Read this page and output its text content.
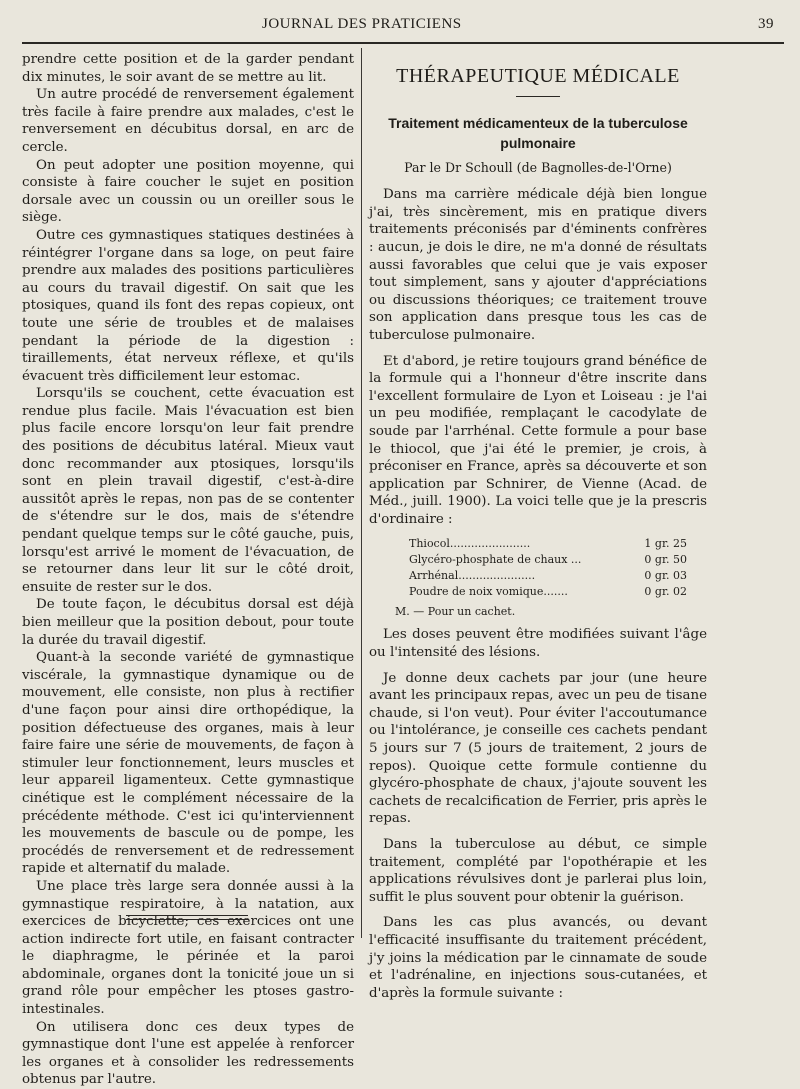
JOURNAL DES PRATICIENS	39

prendre cette position et de la garder pendant dix minutes, le soir avant de se mettre au lit.

Un autre procédé de renversement également très facile à faire prendre aux malades, c'est le renversement en décubitus dorsal, en arc de cercle.

On peut adopter une position moyenne, qui consiste à faire coucher le sujet en position dorsale avec un coussin ou un oreiller sous le siège.

Outre ces gymnastiques statiques destinées à réintégrer l'organe dans sa loge, on peut faire prendre aux malades des positions particulières au cours du travail digestif. On sait que les ptosiques, quand ils font des repas copieux, ont toute une série de troubles et de malaises pendant la période de la digestion : tiraillements, état nerveux réflexe, et qu'ils évacuent très difficilement leur estomac.

Lorsqu'ils se couchent, cette évacuation est rendue plus facile. Mais l'évacuation est bien plus facile encore lorsqu'on leur fait prendre des positions de décubitus latéral. Mieux vaut donc recommander aux ptosiques, lorsqu'ils sont en plein travail digestif, c'est-à-dire aussitôt après le repas, non pas de se contenter de s'étendre sur le dos, mais de s'étendre pendant quelque temps sur le côté gauche, puis, lorsqu'est arrivé le moment de l'évacuation, de se retourner dans leur lit sur le côté droit, ensuite de rester sur le dos.

De toute façon, le décubitus dorsal est déjà bien meilleur que la position debout, pour toute la durée du travail digestif.

Quant-à la seconde variété de gymnastique viscérale, la gymnastique dynamique ou de mouvement, elle consiste, non plus à rectifier d'une façon pour ainsi dire orthopédique, la position défectueuse des organes, mais à leur faire faire une série de mouvements, de façon à stimuler leur fonctionnement, leurs muscles et leur appareil ligamenteux. Cette gymnastique cinétique est le complément nécessaire de la précédente méthode. C'est ici qu'interviennent les mouvements de bascule ou de pompe, les procédés de renversement et de redressement rapide et alternatif du malade.

Une place très large sera donnée aussi à la gymnastique respiratoire, à la natation, aux exercices de bicyclette; ces exercices ont une action indirecte fort utile, en faisant contracter le diaphragme, le périnée et la paroi abdominale, organes dont la tonicité joue un si grand rôle pour empêcher les ptoses gastro-intestinales.

On utilisera donc ces deux types de gymnastique dont l'une est appelée à renforcer les organes et à consolider les redressements obtenus par l'autre.

THÉRAPEUTIQUE MÉDICALE
Traitement médicamenteux de la tuberculose pulmonaire
Par le Dr Schoull (de Bagnolles-de-l'Orne)

Dans ma carrière médicale déjà bien longue j'ai, très sincèrement, mis en pratique divers traitements préconisés par d'éminents confrères : aucun, je dois le dire, ne m'a donné de résultats aussi favorables que celui que je vais exposer tout simplement, sans y ajouter d'appréciations ou discussions théoriques; ce traitement trouve son application dans presque tous les cas de tuberculose pulmonaire.

Et d'abord, je retire toujours grand bénéfice de la formule qui a l'honneur d'être inscrite dans l'excellent formulaire de Lyon et Loiseau : je l'ai un peu modifiée, remplaçant le cacodylate de soude par l'arrhénal. Cette formule a pour base le thiocol, que j'ai été le premier, je crois, à préconiser en France, après sa découverte et son application par Schnirer, de Vienne (Acad. de Méd., juill. 1900). La voici telle que je la prescris d'ordinaire :

Thiocol.......................	1 gr. 25
Glycéro-phosphate de chaux ...	0 gr. 50
Arrhénal......................	0 gr. 03
Poudre de noix vomique.......	0 gr. 02
M. — Pour un cachet.

Les doses peuvent être modifiées suivant l'âge ou l'intensité des lésions.

Je donne deux cachets par jour (une heure avant les principaux repas, avec un peu de tisane chaude, si l'on veut). Pour éviter l'accoutumance ou l'intolérance, je conseille ces cachets pendant 5 jours sur 7 (5 jours de traitement, 2 jours de repos). Quoique cette formule contienne du glycéro-phosphate de chaux, j'ajoute souvent les cachets de recalcification de Ferrier, pris après le repas.

Dans la tuberculose au début, ce simple traitement, complété par l'opothérapie et les applications révulsives dont je parlerai plus loin, suffit le plus souvent pour obtenir la guérison.

Dans les cas plus avancés, ou devant l'efficacité insuffisante du traitement précédent, j'y joins la médication par le cinnamate de soude et l'adrénaline, en injections sous-cutanées, et d'après la formule suivante :
